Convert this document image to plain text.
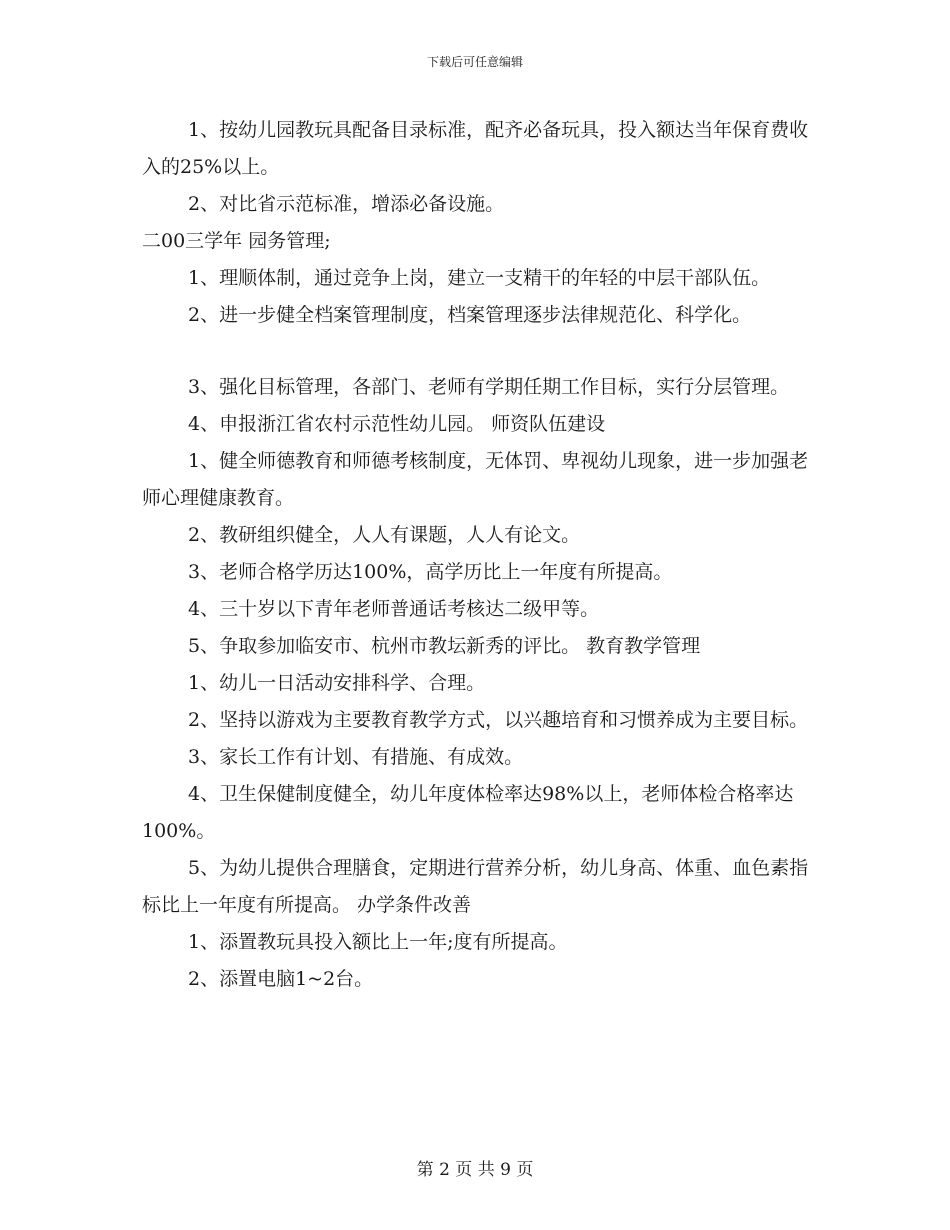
下载后可任意编辑

1、按幼儿园教玩具配备目录标准，配齐必备玩具，投入额达当年保育费收入的25%以上。

2、对比省示范标准，增添必备设施。

二00三学年 园务管理;

1、理顺体制，通过竞争上岗，建立一支精干的年轻的中层干部队伍。

2、进一步健全档案管理制度，档案管理逐步法律规范化、科学化。

3、强化目标管理，各部门、老师有学期任期工作目标，实行分层管理。

4、申报浙江省农村示范性幼儿园。 师资队伍建设

1、健全师德教育和师德考核制度，无体罚、卑视幼儿现象，进一步加强老师心理健康教育。

2、教研组织健全，人人有课题，人人有论文。

3、老师合格学历达100%，高学历比上一年度有所提高。

4、三十岁以下青年老师普通话考核达二级甲等。

5、争取参加临安市、杭州市教坛新秀的评比。 教育教学管理

1、幼儿一日活动安排科学、合理。

2、坚持以游戏为主要教育教学方式，以兴趣培育和习惯养成为主要目标。

3、家长工作有计划、有措施、有成效。

4、卫生保健制度健全，幼儿年度体检率达98%以上，老师体检合格率达100%。

5、为幼儿提供合理膳食，定期进行营养分析，幼儿身高、体重、血色素指标比上一年度有所提高。 办学条件改善

1、添置教玩具投入额比上一年;度有所提高。

2、添置电脑1~2台。

第 2 页 共 9 页
